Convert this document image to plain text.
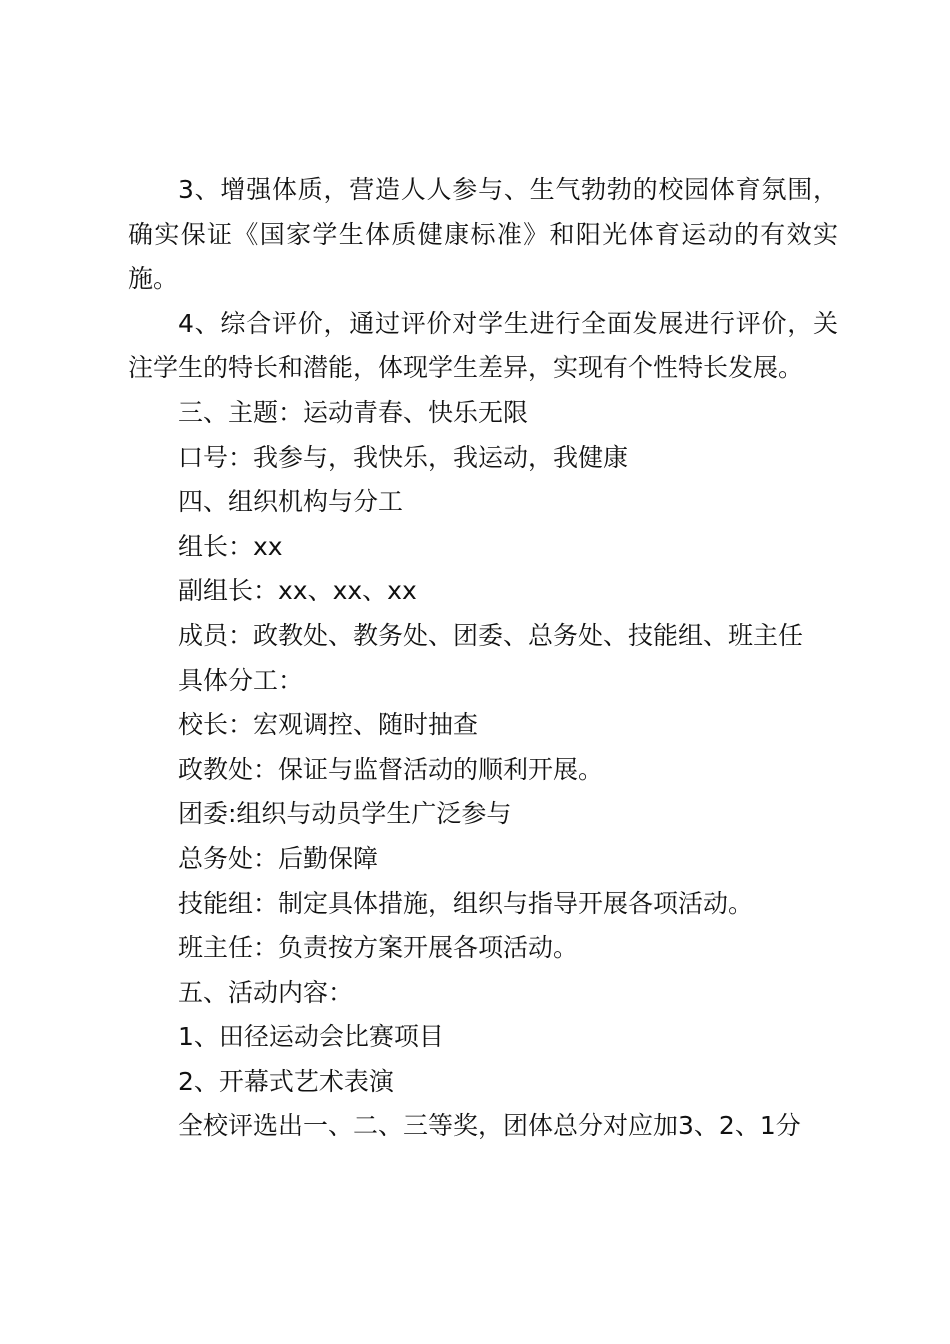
3、增强体质，营造人人参与、生气勃勃的校园体育氛围，确实保证《国家学生体质健康标准》和阳光体育运动的有效实施。

4、综合评价，通过评价对学生进行全面发展进行评价，关注学生的特长和潜能，体现学生差异，实现有个性特长发展。

三、主题：运动青春、快乐无限

口号：我参与，我快乐，我运动，我健康

四、组织机构与分工

组长：xx

副组长：xx、xx、xx

成员：政教处、教务处、团委、总务处、技能组、班主任

具体分工：

校长：宏观调控、随时抽查

政教处：保证与监督活动的顺利开展。

团委:组织与动员学生广泛参与

总务处：后勤保障

技能组：制定具体措施，组织与指导开展各项活动。

班主任：负责按方案开展各项活动。

五、活动内容：

1、田径运动会比赛项目

2、开幕式艺术表演

全校评选出一、二、三等奖，团体总分对应加3、2、1分
